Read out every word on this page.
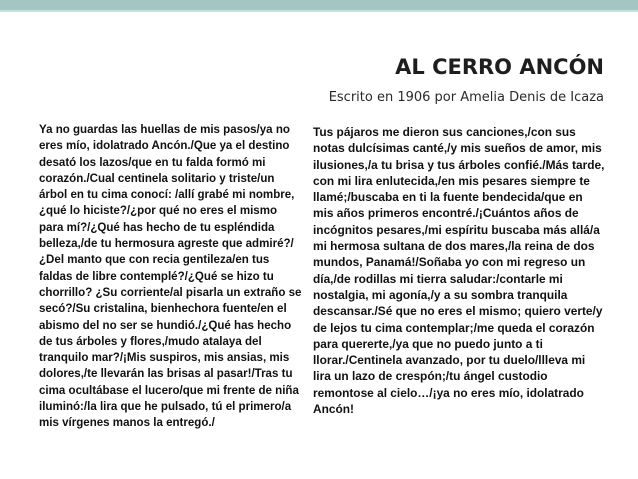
AL CERRO ANCÓN
Escrito en 1906 por Amelia Denis de Icaza

Ya no guardas las huellas de mis pasos/ya no eres mío, idolatrado Ancón./Que ya el destino desató los lazos/que en tu falda formó mi corazón./Cual centinela solitario y triste/un árbol en tu cima conocí: /allí grabé mi nombre, ¿qué lo hiciste?/¿por qué no eres el mismo para mí?/¿Qué has hecho de tu espléndida belleza,/de tu hermosura agreste que admiré?/¿Del manto que con recia gentileza/en tus faldas de libre contemplé?/¿Qué se hizo tu chorrillo? ¿Su corriente/al pisarla un extraño se secó?/Su cristalina, bienhechora fuente/en el abismo del no ser se hundió./¿Qué has hecho de tus árboles y flores,/mudo atalaya del tranquilo mar?/¡Mis suspiros, mis ansias, mis dolores,/te llevarán las brisas al pasar!/Tras tu cima ocultábase el lucero/que mi frente de niña iluminó:/la lira que he pulsado, tú el primero/a mis vírgenes manos la entregó./

Tus pájaros me dieron sus canciones,/con sus notas dulcísimas canté,/y mis sueños de amor, mis ilusiones,/a tu brisa y tus árboles confié./Más tarde, con mi lira enlutecida,/en mis pesares siempre te llamé;/buscaba en ti la fuente bendecida/que en mis años primeros encontré./¡Cuántos años de incógnitos pesares,/mi espíritu buscaba más allá/a mi hermosa sultana de dos mares,/la reina de dos mundos, Panamá!/Soñaba yo con mi regreso un día,/de rodillas mi tierra saludar:/contarle mi nostalgia, mi agonía,/y a su sombra tranquila descansar./Sé que no eres el mismo; quiero verte/y de lejos tu cima contemplar;/me queda el corazón para quererte,/ya que no puedo junto a ti llorar./Centinela avanzado, por tu duelo/llleva mi lira un lazo de crespón;/tu ángel custodio remontose al cielo…/¡ya no eres mío, idolatrado Ancón!
